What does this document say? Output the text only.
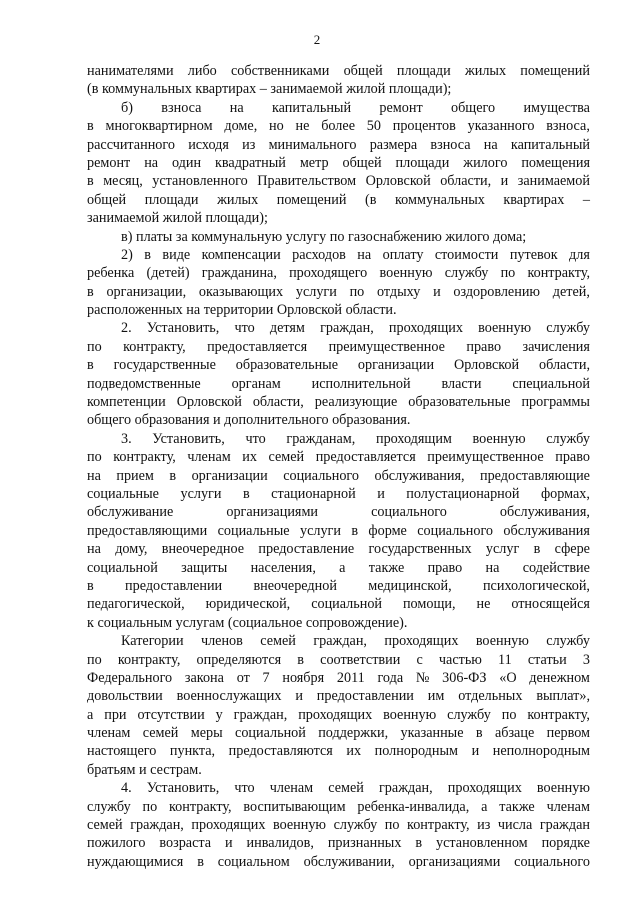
2
нанимателями либо собственниками общей площади жилых помещений
(в коммунальных квартирах – занимаемой жилой площади);
б) взноса на капитальный ремонт общего имущества
в многоквартирном доме, но не более 50 процентов указанного взноса,
рассчитанного исходя из минимального размера взноса на капитальный
ремонт на один квадратный метр общей площади жилого помещения
в месяц, установленного Правительством Орловской области, и занимаемой
общей площади жилых помещений (в коммунальных квартирах –
занимаемой жилой площади);
в) платы за коммунальную услугу по газоснабжению жилого дома;
2) в виде компенсации расходов на оплату стоимости путевок для
ребенка (детей) гражданина, проходящего военную службу по контракту,
в организации, оказывающих услуги по отдыху и оздоровлению детей,
расположенных на территории Орловской области.
2. Установить, что детям граждан, проходящих военную службу
по контракту, предоставляется преимущественное право зачисления
в государственные образовательные организации Орловской области,
подведомственные органам исполнительной власти специальной
компетенции Орловской области, реализующие образовательные программы
общего образования и дополнительного образования.
3. Установить, что гражданам, проходящим военную службу
по контракту, членам их семей предоставляется преимущественное право
на прием в организации социального обслуживания, предоставляющие
социальные услуги в стационарной и полустационарной формах,
обслуживание	организациями	социального	обслуживания,
предоставляющими социальные услуги в форме социального обслуживания
на дому, внеочередное предоставление государственных услуг в сфере
социальной защиты населения, а также право на содействие
в предоставлении внеочередной медицинской, психологической,
педагогической, юридической, социальной помощи, не относящейся
к социальным услугам (социальное сопровождение).
Категории членов семей граждан, проходящих военную службу
по контракту, определяются в соответствии с частью 11 статьи 3
Федерального закона от 7 ноября 2011 года № 306-ФЗ «О денежном
довольствии военнослужащих и предоставлении им отдельных выплат»,
а при отсутствии у граждан, проходящих военную службу по контракту,
членам семей меры социальной поддержки, указанные в абзаце первом
настоящего пункта, предоставляются их полнородным и неполнородным
братьям и сестрам.
4. Установить, что членам семей граждан, проходящих военную
службу по контракту, воспитывающим ребенка-инвалида, а также членам
семей граждан, проходящих военную службу по контракту, из числа граждан
пожилого возраста и инвалидов, признанных в установленном порядке
нуждающимися в социальном обслуживании, организациями социального
